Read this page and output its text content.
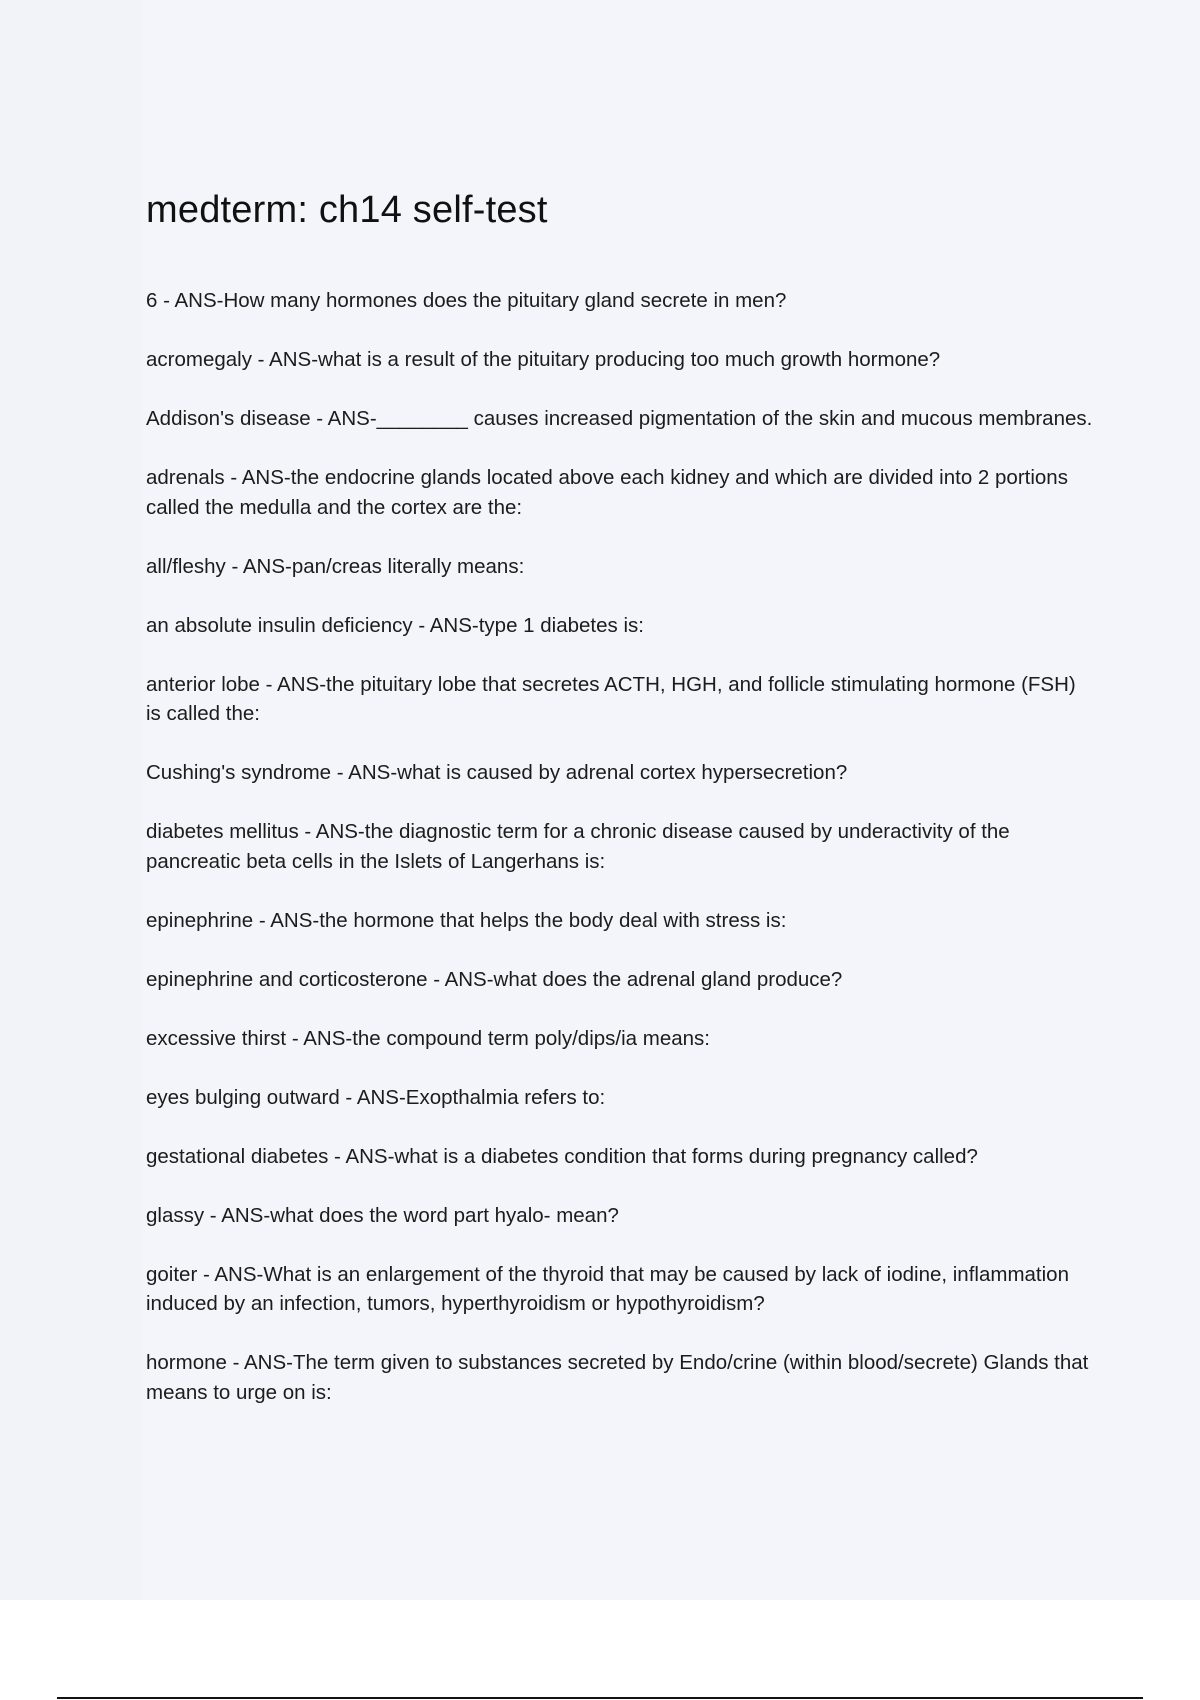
medterm: ch14 self-test
6 - ANS-How many hormones does the pituitary gland secrete in men?
acromegaly - ANS-what is a result of the pituitary producing too much growth hormone?
Addison's disease - ANS-________ causes increased pigmentation of the skin and mucous membranes.
adrenals - ANS-the endocrine glands located above each kidney and which are divided into 2 portions called the medulla and the cortex are the:
all/fleshy - ANS-pan/creas literally means:
an absolute insulin deficiency - ANS-type 1 diabetes is:
anterior lobe - ANS-the pituitary lobe that secretes ACTH, HGH, and follicle stimulating hormone (FSH) is called the:
Cushing's syndrome - ANS-what is caused by adrenal cortex hypersecretion?
diabetes mellitus - ANS-the diagnostic term for a chronic disease caused by underactivity of the pancreatic beta cells in the Islets of Langerhans is:
epinephrine - ANS-the hormone that helps the body deal with stress is:
epinephrine and corticosterone - ANS-what does the adrenal gland produce?
excessive thirst - ANS-the compound term poly/dips/ia means:
eyes bulging outward - ANS-Exopthalmia refers to:
gestational diabetes - ANS-what is a diabetes condition that forms during pregnancy called?
glassy - ANS-what does the word part hyalo- mean?
goiter - ANS-What is an enlargement of the thyroid that may be caused by lack of iodine, inflammation induced by an infection, tumors, hyperthyroidism or hypothyroidism?
hormone - ANS-The term given to substances secreted by Endo/crine (within blood/secrete) Glands that means to urge on is:
